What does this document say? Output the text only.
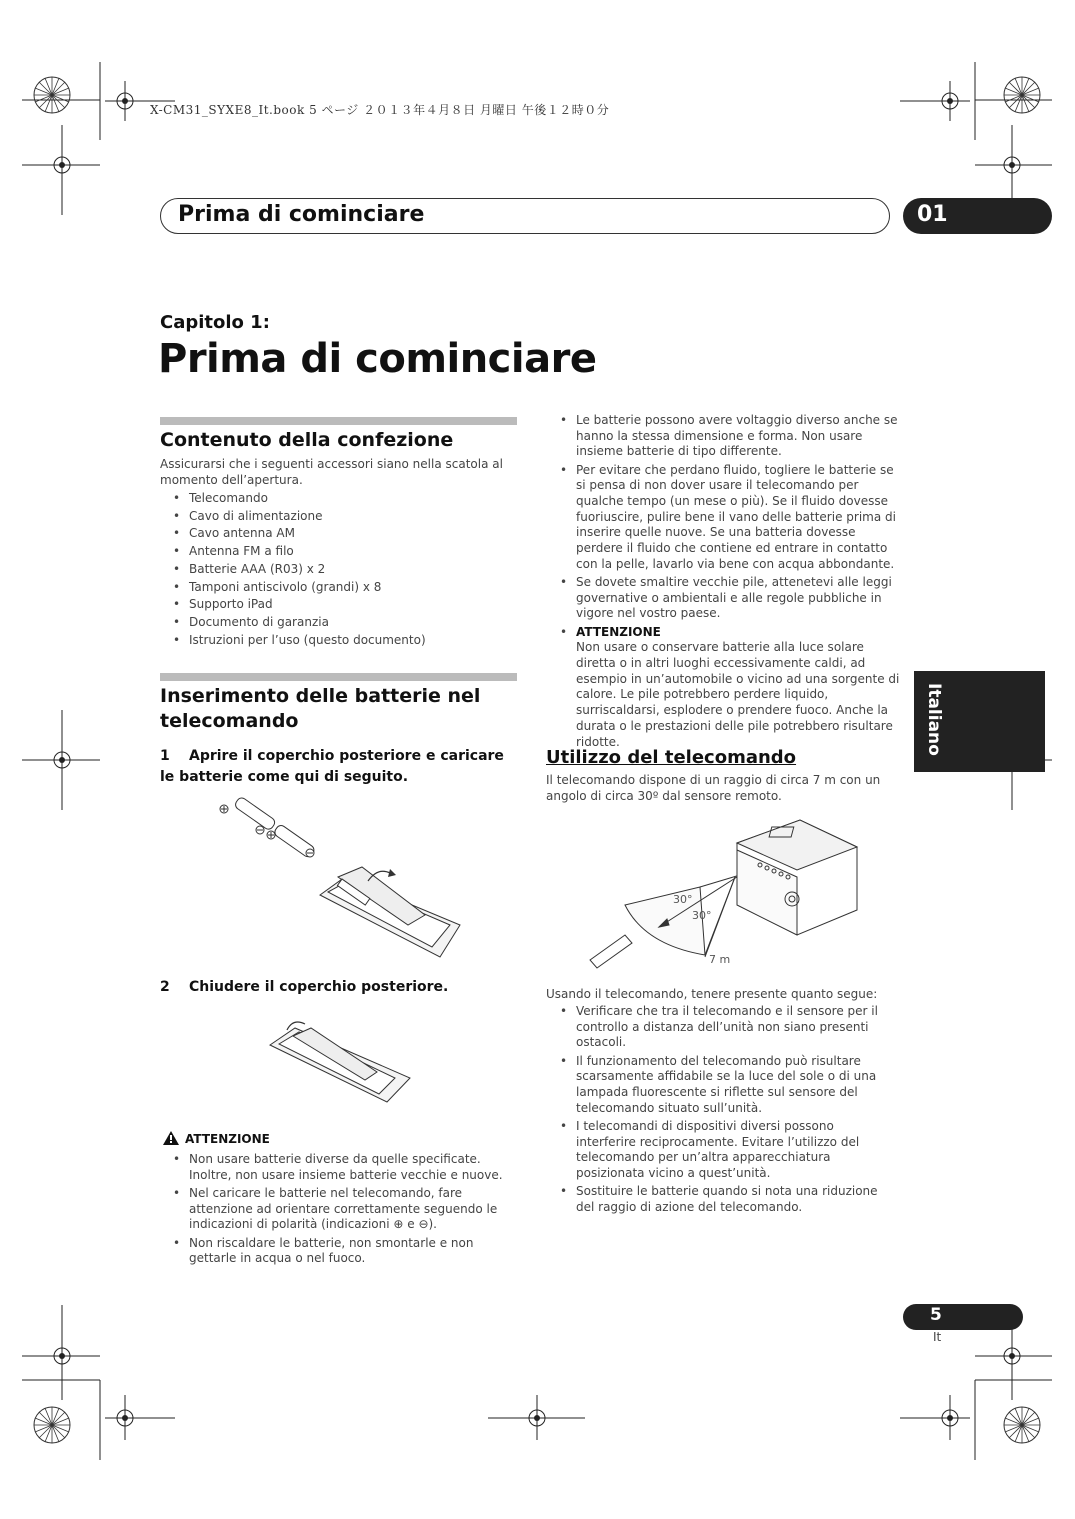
X-CM31_SYXE8_It.book 5 ページ ２０１３年４月８日 月曜日 午後１２時０分
Prima di cominciare	01
Capitolo 1:
Prima di cominciare
Contenuto della confezione
Assicurarsi che i seguenti accessori siano nella scatola al momento dell’apertura.
• Telecomando
• Cavo di alimentazione
• Cavo antenna AM
• Antenna FM a filo
• Batterie AAA (R03) x 2
• Tamponi antiscivolo (grandi) x 8
• Supporto iPad
• Documento di garanzia
• Istruzioni per l’uso (questo documento)
Inserimento delle batterie nel telecomando
1	Aprire il coperchio posteriore e caricare le batterie come qui di seguito.
2	Chiudere il coperchio posteriore.
ATTENZIONE
• Non usare batterie diverse da quelle specificate. Inoltre, non usare insieme batterie vecchie e nuove.
• Nel caricare le batterie nel telecomando, fare attenzione ad orientare correttamente seguendo le indicazioni di polarità (indicazioni ⊕ e ⊖).
• Non riscaldare le batterie, non smontarle e non gettarle in acqua o nel fuoco.
• Le batterie possono avere voltaggio diverso anche se hanno la stessa dimensione e forma. Non usare insieme batterie di tipo differente.
• Per evitare che perdano fluido, togliere le batterie se si pensa di non dover usare il telecomando per qualche tempo (un mese o più). Se il fluido dovesse fuoriuscire, pulire bene il vano delle batterie prima di inserire quelle nuove. Se una batteria dovesse perdere il fluido che contiene ed entrare in contatto con la pelle, lavarlo via bene con acqua abbondante.
• Se dovete smaltire vecchie pile, attenetevi alle leggi governative o ambientali e alle regole pubbliche in vigore nel vostro paese.
• ATTENZIONE
Non usare o conservare batterie alla luce solare diretta o in altri luoghi eccessivamente caldi, ad esempio in un’automobile o vicino ad una sorgente di calore. Le pile potrebbero perdere liquido, surriscaldarsi, esplodere o prendere fuoco. Anche la durata o le prestazioni delle pile potrebbero risultare ridotte.
Utilizzo del telecomando
Il telecomando dispone di un raggio di circa 7 m con un angolo di circa 30º dal sensore remoto.
30°
30°
7 m
Usando il telecomando, tenere presente quanto segue:
• Verificare che tra il telecomando e il sensore per il controllo a distanza dell’unità non siano presenti ostacoli.
• Il funzionamento del telecomando può risultare scarsamente affidabile se la luce del sole o di una lampada fluorescente si riflette sul sensore del telecomando situato sull’unità.
• I telecomandi di dispositivi diversi possono interferire reciprocamente. Evitare l’utilizzo del telecomando per un’altra apparecchiatura posizionata vicino a quest’unità.
• Sostituire le batterie quando si nota una riduzione del raggio di azione del telecomando.
Italiano
5
It
